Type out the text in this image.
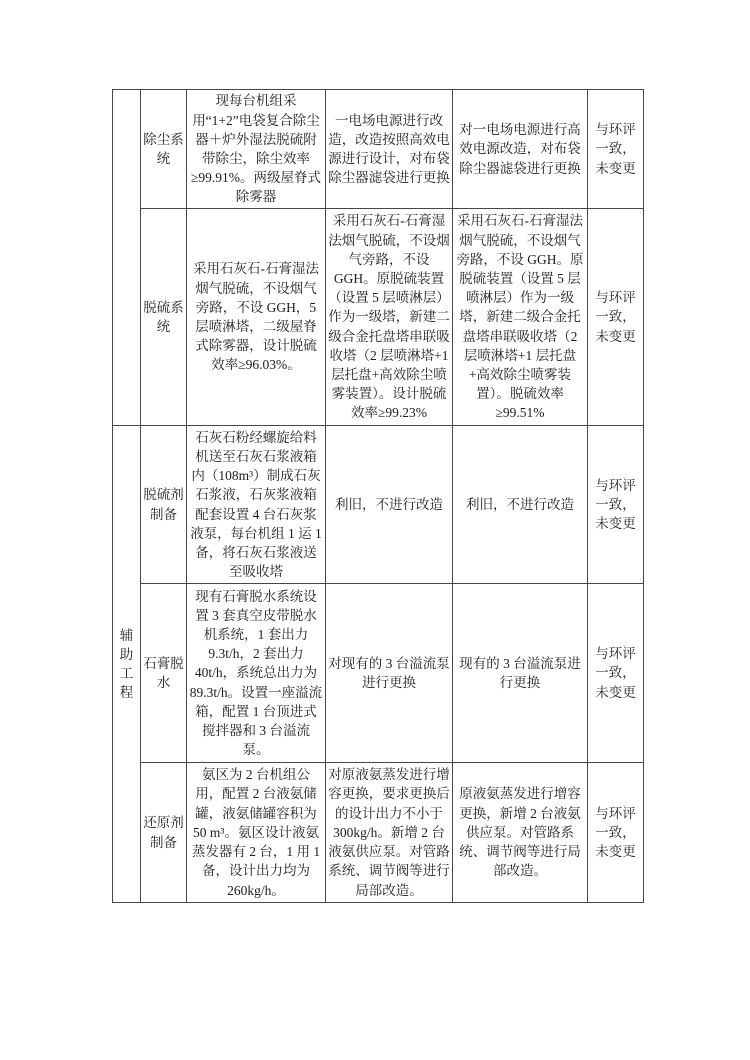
	除尘系统	现每台机组采用“1+2”电袋复合除尘器＋炉外湿法脱硫附带除尘，除尘效率≥99.91%。两级屋脊式除雾器	一电场电源进行改造，改造按照高效电源进行设计，对布袋除尘器滤袋进行更换	对一电场电源进行高效电源改造，对布袋除尘器滤袋进行更换	与环评一致，未变更
	脱硫系统	采用石灰石-石膏湿法烟气脱硫，不设烟气旁路，不设 GGH，5 层喷淋塔，二级屋脊式除雾器，设计脱硫效率≥96.03%。	采用石灰石-石膏湿法烟气脱硫，不设烟气旁路，不设 GGH。原脱硫装置（设置 5 层喷淋层）作为一级塔，新建二级合金托盘塔串联吸收塔（2 层喷淋塔+1 层托盘+高效除尘喷雾装置）。设计脱硫效率≥99.23%	采用石灰石-石膏湿法烟气脱硫，不设烟气旁路，不设 GGH。原脱硫装置（设置 5 层喷淋层）作为一级塔，新建二级合金托盘塔串联吸收塔（2 层喷淋塔+1 层托盘+高效除尘喷雾装置）。脱硫效率≥99.51%	与环评一致，未变更
辅助工程	脱硫剂制备	石灰石粉经螺旋给料机送至石灰石浆液箱内（108m³）制成石灰石浆液，石灰浆液箱配套设置 4 台石灰浆液泵，每台机组 1 运 1 备，将石灰石浆液送至吸收塔	利旧，不进行改造	利旧，不进行改造	与环评一致，未变更
	石膏脱水	现有石膏脱水系统设置 3 套真空皮带脱水机系统，1 套出力 9.3t/h，2 套出力 40t/h，系统总出力为 89.3t/h。设置一座溢流箱，配置 1 台顶进式搅拌器和 3 台溢流泵。	对现有的 3 台溢流泵进行更换	现有的 3 台溢流泵进行更换	与环评一致，未变更
	还原剂制备	氨区为 2 台机组公用，配置 2 台液氨储罐，液氨储罐容积为 50 m³。氨区设计液氨蒸发器有 2 台，1 用 1 备，设计出力均为 260kg/h。	对原液氨蒸发进行增容更换，要求更换后的设计出力不小于 300kg/h。新增 2 台液氨供应泵。对管路系统、调节阀等进行局部改造。	原液氨蒸发进行增容更换，新增 2 台液氨供应泵。对管路系统、调节阀等进行局部改造。	与环评一致，未变更
